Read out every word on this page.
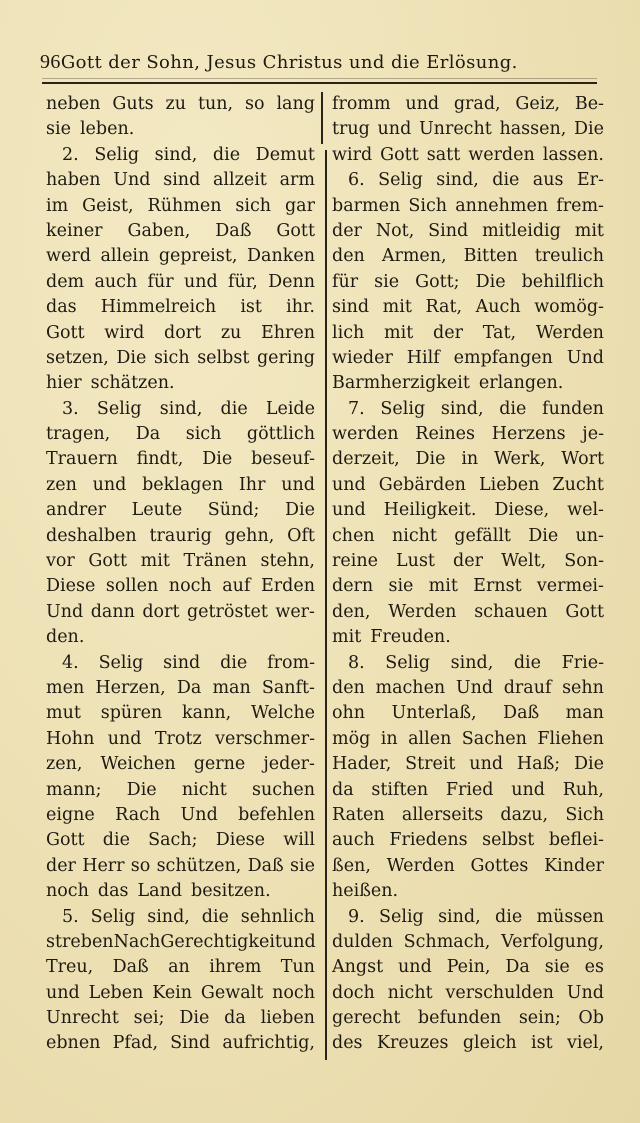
96 Gott der Sohn, Jesus Christus und die Erlösung.
neben Guts zu tun, so lang
sie leben.
2. Selig sind, die Demut
haben Und sind allzeit arm
im Geist, Rühmen sich gar
keiner Gaben, Daß Gott
werd allein gepreist, Danken
dem auch für und für, Denn
das Himmelreich ist ihr.
Gott wird dort zu Ehren
setzen, Die sich selbst gering
hier schätzen.
3. Selig sind, die Leide
tragen, Da sich göttlich
Trauern findt, Die beseuf-
zen und beklagen Ihr und
andrer Leute Sünd; Die
deshalben traurig gehn, Oft
vor Gott mit Tränen stehn,
Diese sollen noch auf Erden
Und dann dort getröstet wer-
den.
4. Selig sind die from-
men Herzen, Da man Sanft-
mut spüren kann, Welche
Hohn und Trotz verschmer-
zen, Weichen gerne jeder-
mann; Die nicht suchen
eigne Rach Und befehlen
Gott die Sach; Diese will
der Herr so schützen, Daß sie
noch das Land besitzen.
5. Selig sind, die sehnlich
streben Nach Gerechtigkeit und
Treu, Daß an ihrem Tun
und Leben Kein Gewalt noch
Unrecht sei; Die da lieben
ebnen Pfad, Sind aufrichtig,
fromm und grad, Geiz, Be-
trug und Unrecht hassen, Die
wird Gott satt werden lassen.
6. Selig sind, die aus Er-
barmen Sich annehmen frem-
der Not, Sind mitleidig mit
den Armen, Bitten treulich
für sie Gott; Die behilflich
sind mit Rat, Auch womög-
lich mit der Tat, Werden
wieder Hilf empfangen Und
Barmherzigkeit erlangen.
7. Selig sind, die funden
werden Reines Herzens je-
derzeit, Die in Werk, Wort
und Gebärden Lieben Zucht
und Heiligkeit. Diese, wel-
chen nicht gefällt Die un-
reine Lust der Welt, Son-
dern sie mit Ernst vermei-
den, Werden schauen Gott
mit Freuden.
8. Selig sind, die Frie-
den machen Und drauf sehn
ohn Unterlaß, Daß man
mög in allen Sachen Fliehen
Hader, Streit und Haß; Die
da stiften Fried und Ruh,
Raten allerseits dazu, Sich
auch Friedens selbst beflei-
ßen, Werden Gottes Kinder
heißen.
9. Selig sind, die müssen
dulden Schmach, Verfolgung,
Angst und Pein, Da sie es
doch nicht verschulden Und
gerecht befunden sein; Ob
des Kreuzes gleich ist viel,
